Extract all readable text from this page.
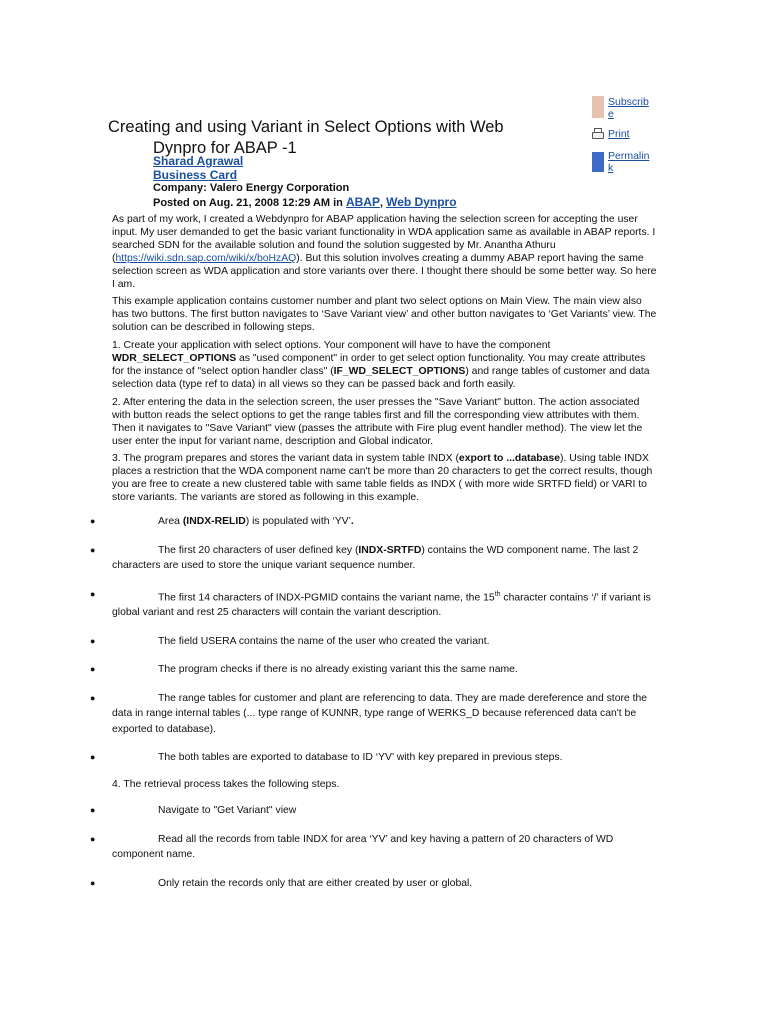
Subscribe
Print
Permalink
Creating and using Variant in Select Options with Web
Dynpro for ABAP -1
Sharad Agrawal
Business Card
Company: Valero Energy Corporation
Posted on Aug. 21, 2008 12:29 AM in ABAP, Web Dynpro

As part of my work, I created a Webdynpro for ABAP application having the selection screen for accepting the user input. My user demanded to get the basic variant functionality in WDA application same as available in ABAP reports. I searched SDN for the available solution and found the solution suggested by Mr. Anantha Athuru (https://wiki.sdn.sap.com/wiki/x/boHzAQ). But this solution involves creating a dummy ABAP report having the same selection screen as WDA application and store variants over there. I thought there should be some better way. So here I am.

This example application contains customer number and plant two select options on Main View. The main view also has two buttons. The first button navigates to ‘Save Variant view’ and other button navigates to ‘Get Variants’ view. The solution can be described in following steps.

1. Create your application with select options. Your component will have to have the component WDR_SELECT_OPTIONS as "used component" in order to get select option functionality. You may create attributes for the instance of "select option handler class" (IF_WD_SELECT_OPTIONS) and range tables of customer and data selection data (type ref to data) in all views so they can be passed back and forth easily.

2. After entering the data in the selection screen, the user presses the "Save Variant" button. The action associated with button reads the select options to get the range tables first and fill the corresponding view attributes with them. Then it navigates to "Save Variant" view (passes the attribute with Fire plug event handler method). The view let the user enter the input for variant name, description and Global indicator.

3. The program prepares and stores the variant data in system table INDX (export to ...database). Using table INDX places a restriction that the WDA component name can't be more than 20 characters to get the correct results, though you are free to create a new clustered table with same table fields as INDX ( with more wide SRTFD field) or VARI to store variants. The variants are stored as following in this example.

●	Area (INDX-RELID) is populated with ‘YV’.
●	The first 20 characters of user defined key (INDX-SRTFD) contains the WD component name. The last 2 characters are used to store the unique variant sequence number.
●	The first 14 characters of INDX-PGMID contains the variant name, the 15th character contains ‘/’ if variant is global variant and rest 25 characters will contain the variant description.
●	The field USERA contains the name of the user who created the variant.
●	The program checks if there is no already existing variant this the same name.
●	The range tables for customer and plant are referencing to data. They are made dereference and store the data in range internal tables (... type range of KUNNR, type range of WERKS_D because referenced data can't be exported to database).
●	The both tables are exported to database to ID ‘YV’ with key prepared in previous steps.
4. The retrieval process takes the following steps.
●	Navigate to "Get Variant" view
●	Read all the records from table INDX for area ‘YV’ and key having a pattern of 20 characters of WD component name.
●	Only retain the records only that are either created by user or global.
